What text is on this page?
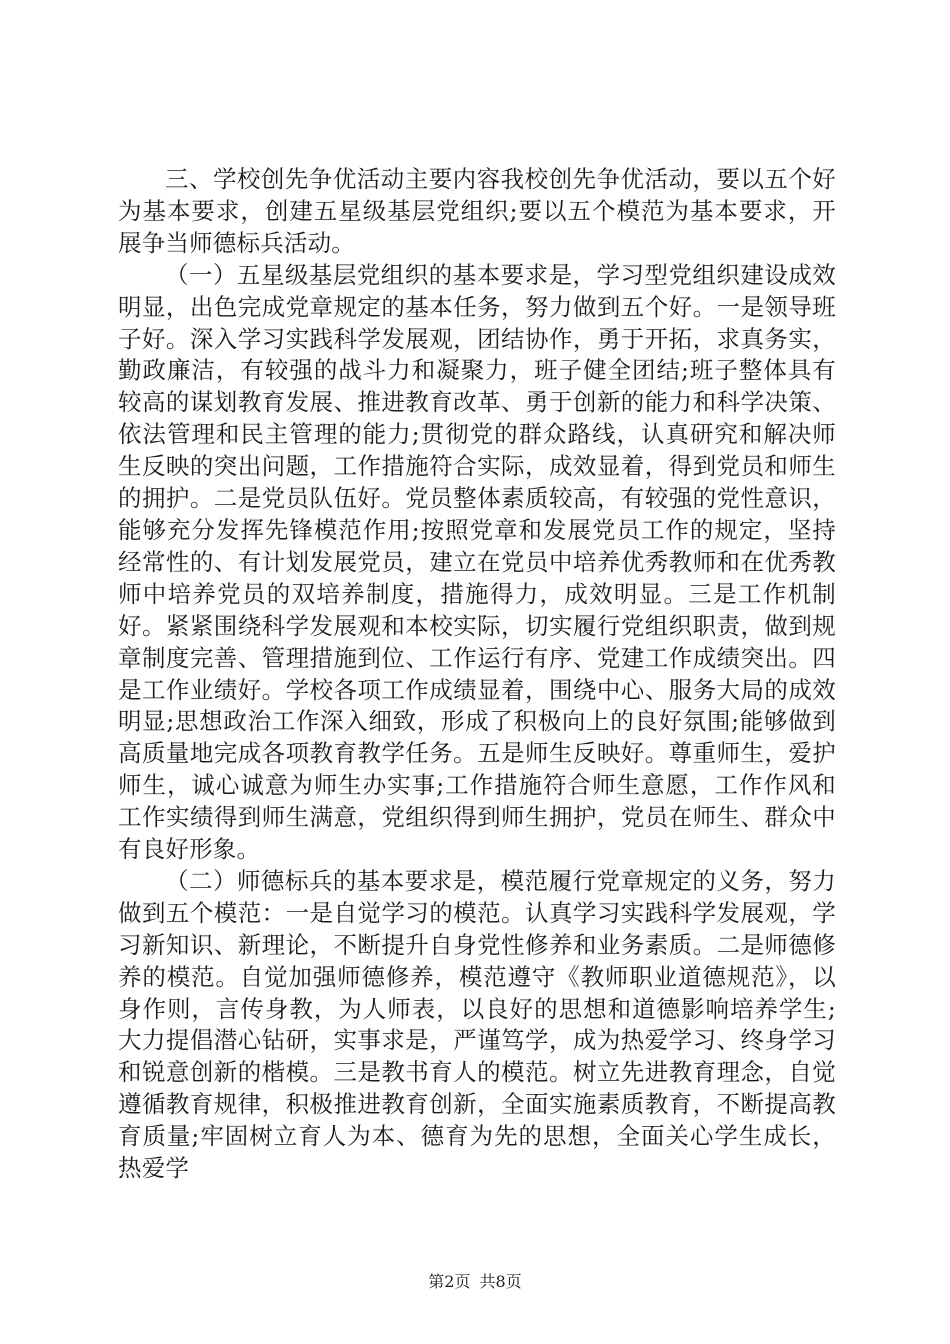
三、学校创先争优活动主要内容我校创先争优活动，要以五个好为基本要求，创建五星级基层党组织;要以五个模范为基本要求，开展争当师德标兵活动。

（一）五星级基层党组织的基本要求是，学习型党组织建设成效明显，出色完成党章规定的基本任务，努力做到五个好。一是领导班子好。深入学习实践科学发展观，团结协作，勇于开拓，求真务实，勤政廉洁，有较强的战斗力和凝聚力，班子健全团结;班子整体具有较高的谋划教育发展、推进教育改革、勇于创新的能力和科学决策、依法管理和民主管理的能力;贯彻党的群众路线，认真研究和解决师生反映的突出问题，工作措施符合实际，成效显着，得到党员和师生的拥护。二是党员队伍好。党员整体素质较高，有较强的党性意识，能够充分发挥先锋模范作用;按照党章和发展党员工作的规定，坚持经常性的、有计划发展党员，建立在党员中培养优秀教师和在优秀教师中培养党员的双培养制度，措施得力，成效明显。三是工作机制好。紧紧围绕科学发展观和本校实际，切实履行党组织职责，做到规章制度完善、管理措施到位、工作运行有序、党建工作成绩突出。四是工作业绩好。学校各项工作成绩显着，围绕中心、服务大局的成效明显;思想政治工作深入细致，形成了积极向上的良好氛围;能够做到高质量地完成各项教育教学任务。五是师生反映好。尊重师生，爱护师生，诚心诚意为师生办实事;工作措施符合师生意愿，工作作风和工作实绩得到师生满意，党组织得到师生拥护，党员在师生、群众中有良好形象。

（二）师德标兵的基本要求是，模范履行党章规定的义务，努力做到五个模范：一是自觉学习的模范。认真学习实践科学发展观，学习新知识、新理论，不断提升自身党性修养和业务素质。二是师德修养的模范。自觉加强师德修养，模范遵守《教师职业道德规范》，以身作则，言传身教，为人师表，以良好的思想和道德影响培养学生;大力提倡潜心钻研，实事求是，严谨笃学，成为热爱学习、终身学习和锐意创新的楷模。三是教书育人的模范。树立先进教育理念，自觉遵循教育规律，积极推进教育创新，全面实施素质教育，不断提高教育质量;牢固树立育人为本、德育为先的思想，全面关心学生成长，热爱学

第2页 共8页
